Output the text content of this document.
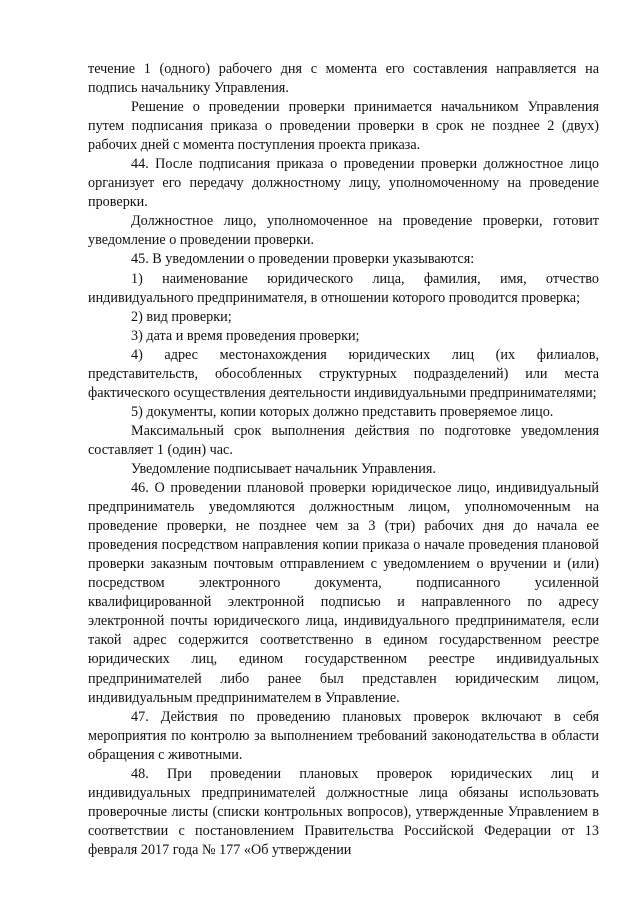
течение 1 (одного) рабочего дня с момента его составления направляется на подпись начальнику Управления.

Решение о проведении проверки принимается начальником Управления путем подписания приказа о проведении проверки в срок не позднее 2 (двух) рабочих дней с момента поступления проекта приказа.

44. После подписания приказа о проведении проверки должностное лицо организует его передачу должностному лицу, уполномоченному на проведение проверки.

Должностное лицо, уполномоченное на проведение проверки, готовит уведомление о проведении проверки.

45. В уведомлении о проведении проверки указываются:

1) наименование юридического лица, фамилия, имя, отчество индивидуального предпринимателя, в отношении которого проводится проверка;

2) вид проверки;

3) дата и время проведения проверки;

4) адрес местонахождения юридических лиц (их филиалов, представительств, обособленных структурных подразделений) или места фактического осуществления деятельности индивидуальными предпринимателями;

5) документы, копии которых должно представить проверяемое лицо.

Максимальный срок выполнения действия по подготовке уведомления составляет 1 (один) час.

Уведомление подписывает начальник Управления.

46. О проведении плановой проверки юридическое лицо, индивидуальный предприниматель уведомляются должностным лицом, уполномоченным на проведение проверки, не позднее чем за 3 (три) рабочих дня до начала ее проведения посредством направления копии приказа о начале проведения плановой проверки заказным почтовым отправлением с уведомлением о вручении и (или) посредством электронного документа, подписанного усиленной квалифицированной электронной подписью и направленного по адресу электронной почты юридического лица, индивидуального предпринимателя, если такой адрес содержится соответственно в едином государственном реестре юридических лиц, едином государственном реестре индивидуальных предпринимателей либо ранее был представлен юридическим лицом, индивидуальным предпринимателем в Управление.

47. Действия по проведению плановых проверок включают в себя мероприятия по контролю за выполнением требований законодательства в области обращения с животными.

48. При проведении плановых проверок юридических лиц и индивидуальных предпринимателей должностные лица обязаны использовать проверочные листы (списки контрольных вопросов), утвержденные Управлением в соответствии с постановлением Правительства Российской Федерации от 13 февраля 2017 года № 177 «Об утверждении
